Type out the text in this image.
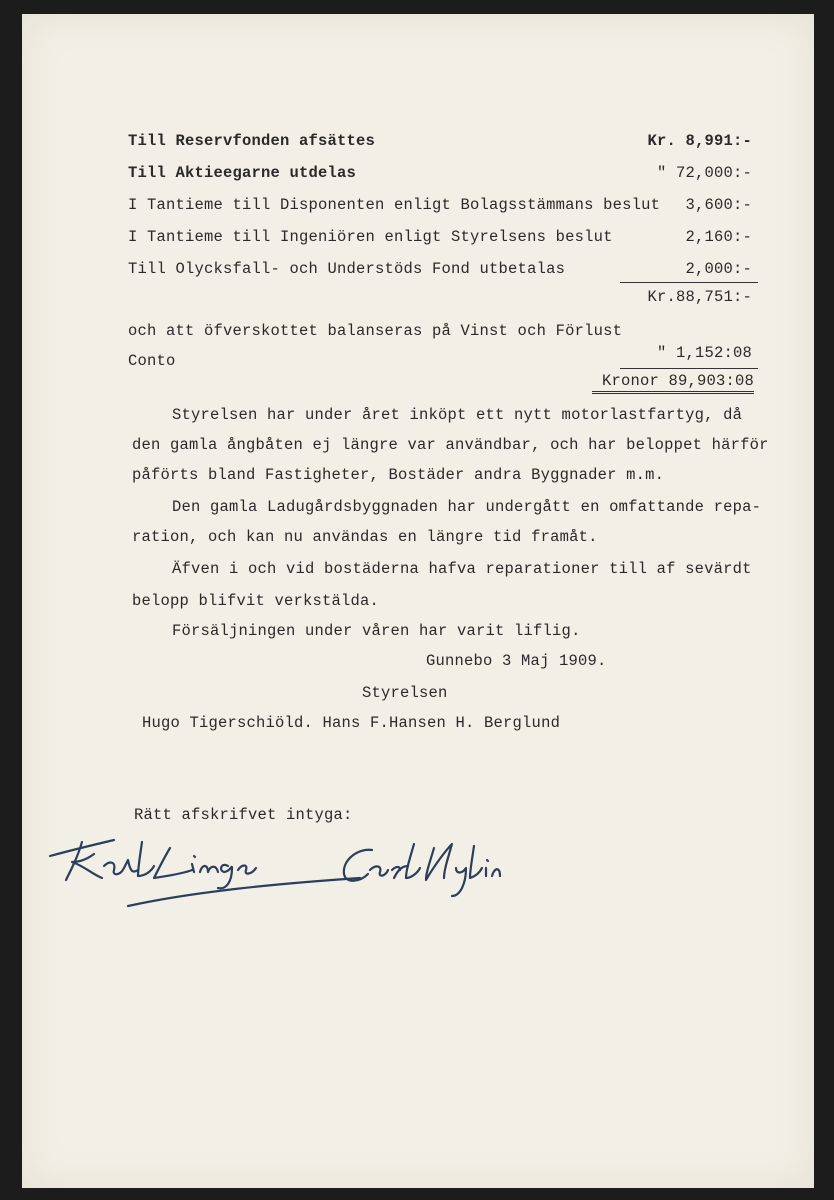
Till Reservfonden afsättes	Kr. 8,991:-
Till Aktieegarne utdelas	" 72,000:-
I Tantieme till Disponenten enligt Bolagsstämmans beslut	3,600:-
I Tantieme till Ingeniören enligt Styrelsens beslut	2,160:-
Till Olycksfall- och Understöds Fond utbetalas	2,000:-
Kr.88,751:-
och att öfverskottet balanseras på Vinst och Förlust
Conto	" 1,152:08
Kronor 89,903:08
Styrelsen har under året inköpt ett nytt motorlastfartyg, då
den gamla ångbåten ej längre var användbar, och har beloppet härför
påförts bland Fastigheter, Bostäder andra Byggnader m.m.
Den gamla Ladugårdsbyggnaden har undergått en omfattande repa-
ration, och kan nu användas en längre tid framåt.
Äfven i och vid bostäderna hafva reparationer till af sevärdt
belopp blifvit verkstälda.
Försäljningen under våren har varit liflig.
Gunnebo 3 Maj 1909.
Styrelsen
Hugo Tigerschiöld. Hans F.Hansen H. Berglund
Rätt afskrifvet intyga:
